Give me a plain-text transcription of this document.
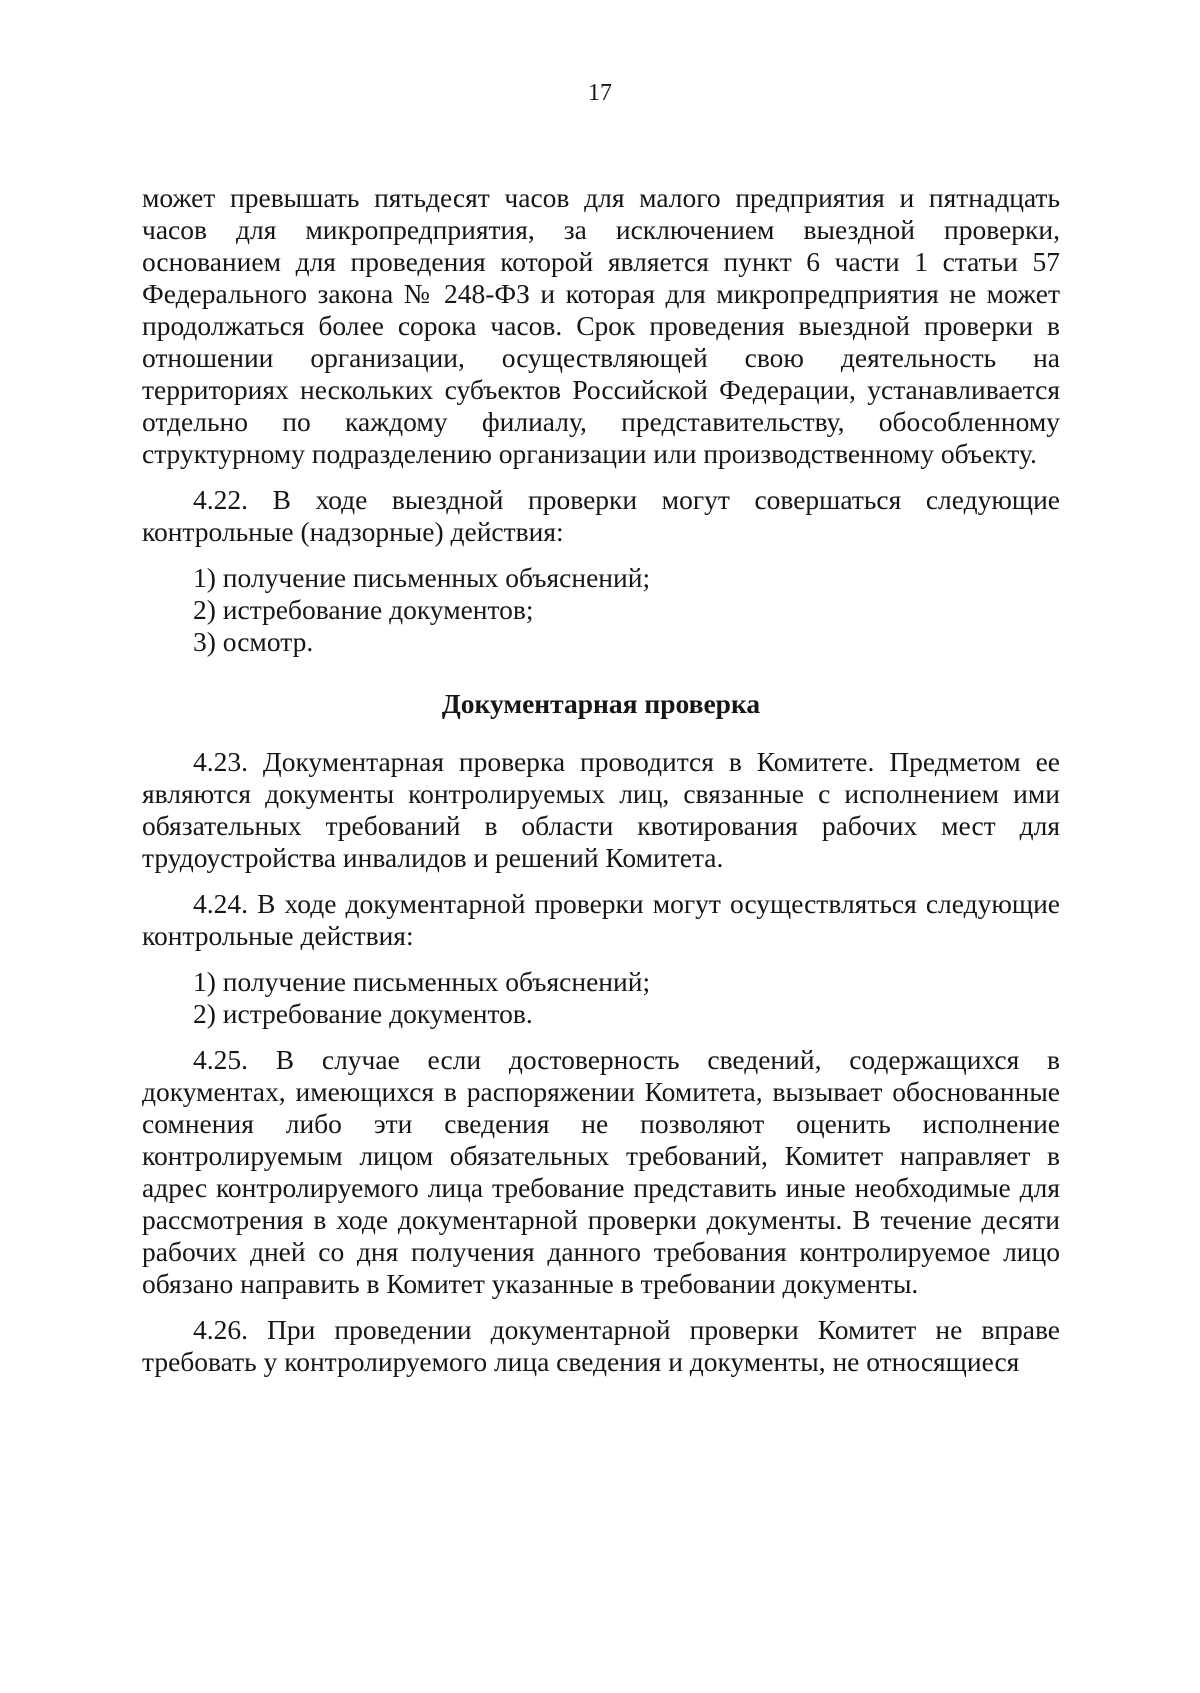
17

может превышать пятьдесят часов для малого предприятия и пятнадцать часов для микропредприятия, за исключением выездной проверки, основанием для проведения которой является пункт 6 части 1 статьи 57 Федерального закона № 248-ФЗ и которая для микропредприятия не может продолжаться более сорока часов. Срок проведения выездной проверки в отношении организации, осуществляющей свою деятельность на территориях нескольких субъектов Российской Федерации, устанавливается отдельно по каждому филиалу, представительству, обособленному структурному подразделению организации или производственному объекту.

4.22. В ходе выездной проверки могут совершаться следующие контрольные (надзорные) действия:

1) получение письменных объяснений;
2) истребование документов;
3) осмотр.

Документарная проверка

4.23. Документарная проверка проводится в Комитете. Предметом ее являются документы контролируемых лиц, связанные с исполнением ими обязательных требований в области квотирования рабочих мест для трудоустройства инвалидов и решений Комитета.

4.24. В ходе документарной проверки могут осуществляться следующие контрольные действия:

1) получение письменных объяснений;
2) истребование документов.

4.25. В случае если достоверность сведений, содержащихся в документах, имеющихся в распоряжении Комитета, вызывает обоснованные сомнения либо эти сведения не позволяют оценить исполнение контролируемым лицом обязательных требований, Комитет направляет в адрес контролируемого лица требование представить иные необходимые для рассмотрения в ходе документарной проверки документы. В течение десяти рабочих дней со дня получения данного требования контролируемое лицо обязано направить в Комитет указанные в требовании документы.

4.26. При проведении документарной проверки Комитет не вправе требовать у контролируемого лица сведения и документы, не относящиеся
